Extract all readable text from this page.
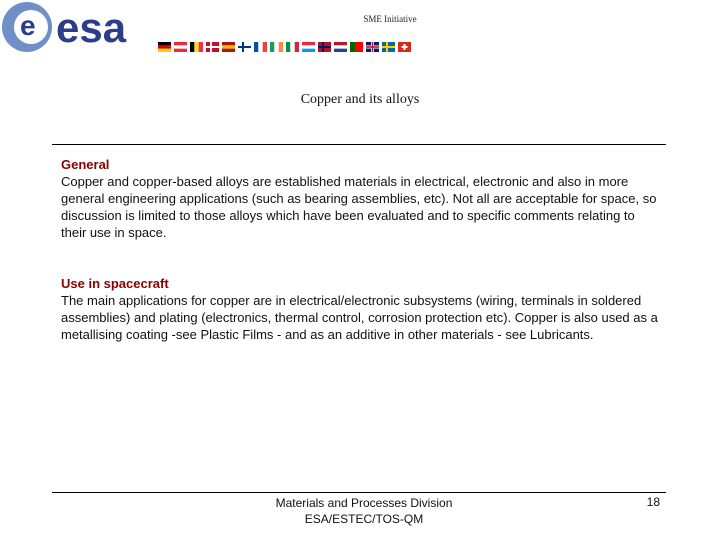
e esa	SME Initiative
Copper and its alloys
General
Copper and copper-based alloys are established materials in electrical, electronic and also in more general engineering applications (such as bearing assemblies, etc). Not all are acceptable for space, so discussion is limited to those alloys which have been evaluated and to specific comments relating to their use in space.
Use in spacecraft
The main applications for copper are in electrical/electronic subsystems (wiring, terminals in soldered assemblies) and plating (electronics, thermal control, corrosion protection etc). Copper is also used as a metallising coating -see Plastic Films - and as an additive in other materials - see Lubricants.
Materials and Processes Division
ESA/ESTEC/TOS-QM
18
